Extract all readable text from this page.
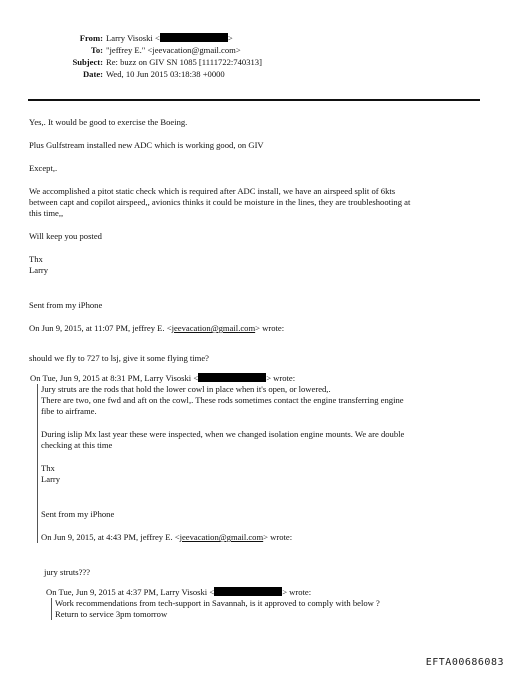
From: Larry Visoski <	>
To: "jeffrey E." <jeevacation@gmail.com>
Subject: Re: buzz on GIV SN 1085 [1111722:740313]
Date: Wed, 10 Jun 2015 03:18:38 +0000

Yes,. It would be good to exercise the Boeing.

Plus Gulfstream installed new ADC which is working good, on GIV

Except,.

We accomplished a pitot static check which is required after ADC install, we have an airspeed split of 6kts

between capt and copilot airspeed,, avionics thinks it could be moisture in the lines, they are troubleshooting at

this time,,

Will keep you posted

Thx

Larry

Sent from my iPhone

On Jun 9, 2015, at 11:07 PM, jeffrey E. <jeevacation@gmail.com> wrote:

should we fly to 727 to lsj, give it some flying time?

On Tue, Jun 9, 2015 at 8:31 PM, Larry Visoski <	> wrote:

Jury struts are the rods that hold the lower cowl in place when it's open, or lowered,.

There are two, one fwd and aft on the cowl,. These rods sometimes contact the engine transferring engine

fibe to airframe.

During islip Mx last year these were inspected, when we changed isolation engine mounts. We are double

checking at this time

Thx

Larry

Sent from my iPhone

On Jun 9, 2015, at 4:43 PM, jeffrey E. <jeevacation@gmail.com> wrote:

jury struts???

On Tue, Jun 9, 2015 at 4:37 PM, Larry Visoski <	> wrote:

Work recommendations from tech-support in Savannah, is it approved to comply with below ?

Return to service 3pm tomorrow

EFTA00686083
